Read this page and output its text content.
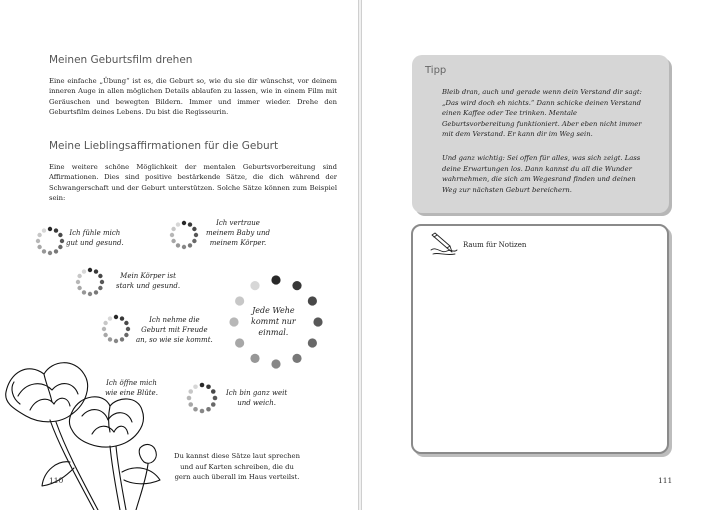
Meinen Geburtsfilm drehen

Eine einfache „Übung“ ist es, die Geburt so, wie du sie dir wünschst, vor deinem inneren Auge in allen möglichen Details ablaufen zu lassen, wie in einem Film mit Geräuschen und bewegten Bildern. Immer und immer wieder. Drehe den Geburtsfilm deines Lebens. Du bist die Regisseurin.

Meine Lieblingsaffirmationen für die Geburt

Eine weitere schöne Möglichkeit der mentalen Geburtsvorbereitung sind Affirmationen. Dies sind positive bestärkende Sätze, die dich während der Schwangerschaft und der Geburt unterstützen. Solche Sätze können zum Beispiel sein:

Ich fühle mich
gut und gesund.
Ich vertraue
meinem Baby und
meinem Körper.
Mein Körper ist
stark und gesund.
Ich nehme die
Geburt mit Freude
an, so wie sie kommt.
Jede Wehe
kommt nur
einmal.
Ich öffne mich
wie eine Blüte.	Ich bin ganz weit
und weich.

Du kannst diese Sätze laut sprechen und auf Karten schreiben, die du gern auch überall im Haus verteilst.

110
Tipp

Bleib dran, auch und gerade wenn dein Verstand dir sagt: „Das wird doch eh nichts.“ Dann schicke deinen Verstand einen Kaffee oder Tee trinken. Mentale Geburtsvorbereitung funktioniert. Aber eben nicht immer mit dem Verstand. Er kann dir im Weg sein.

Und ganz wichtig: Sei offen für alles, was sich zeigt. Lass deine Erwartungen los. Dann kannst du all die Wunder wahrnehmen, die sich am Wegesrand finden und deinen Weg zur nächsten Geburt bereichern.

Raum für Notizen
111
